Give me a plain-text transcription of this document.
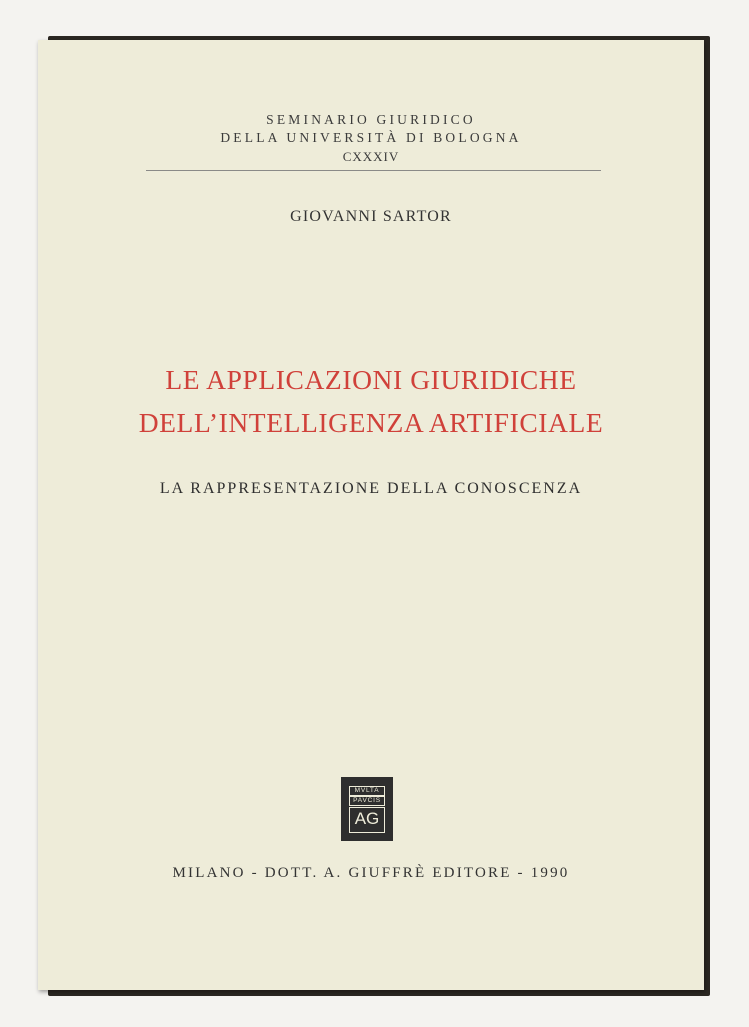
SEMINARIO GIURIDICO
DELLA UNIVERSITÀ DI BOLOGNA
CXXXIV
GIOVANNI SARTOR
LE APPLICAZIONI GIURIDICHE
DELL’INTELLIGENZA ARTIFICIALE
LA RAPPRESENTAZIONE DELLA CONOSCENZA
MVLTA
PAVCIS
AG
MILANO - DOTT. A. GIUFFRÈ EDITORE - 1990
